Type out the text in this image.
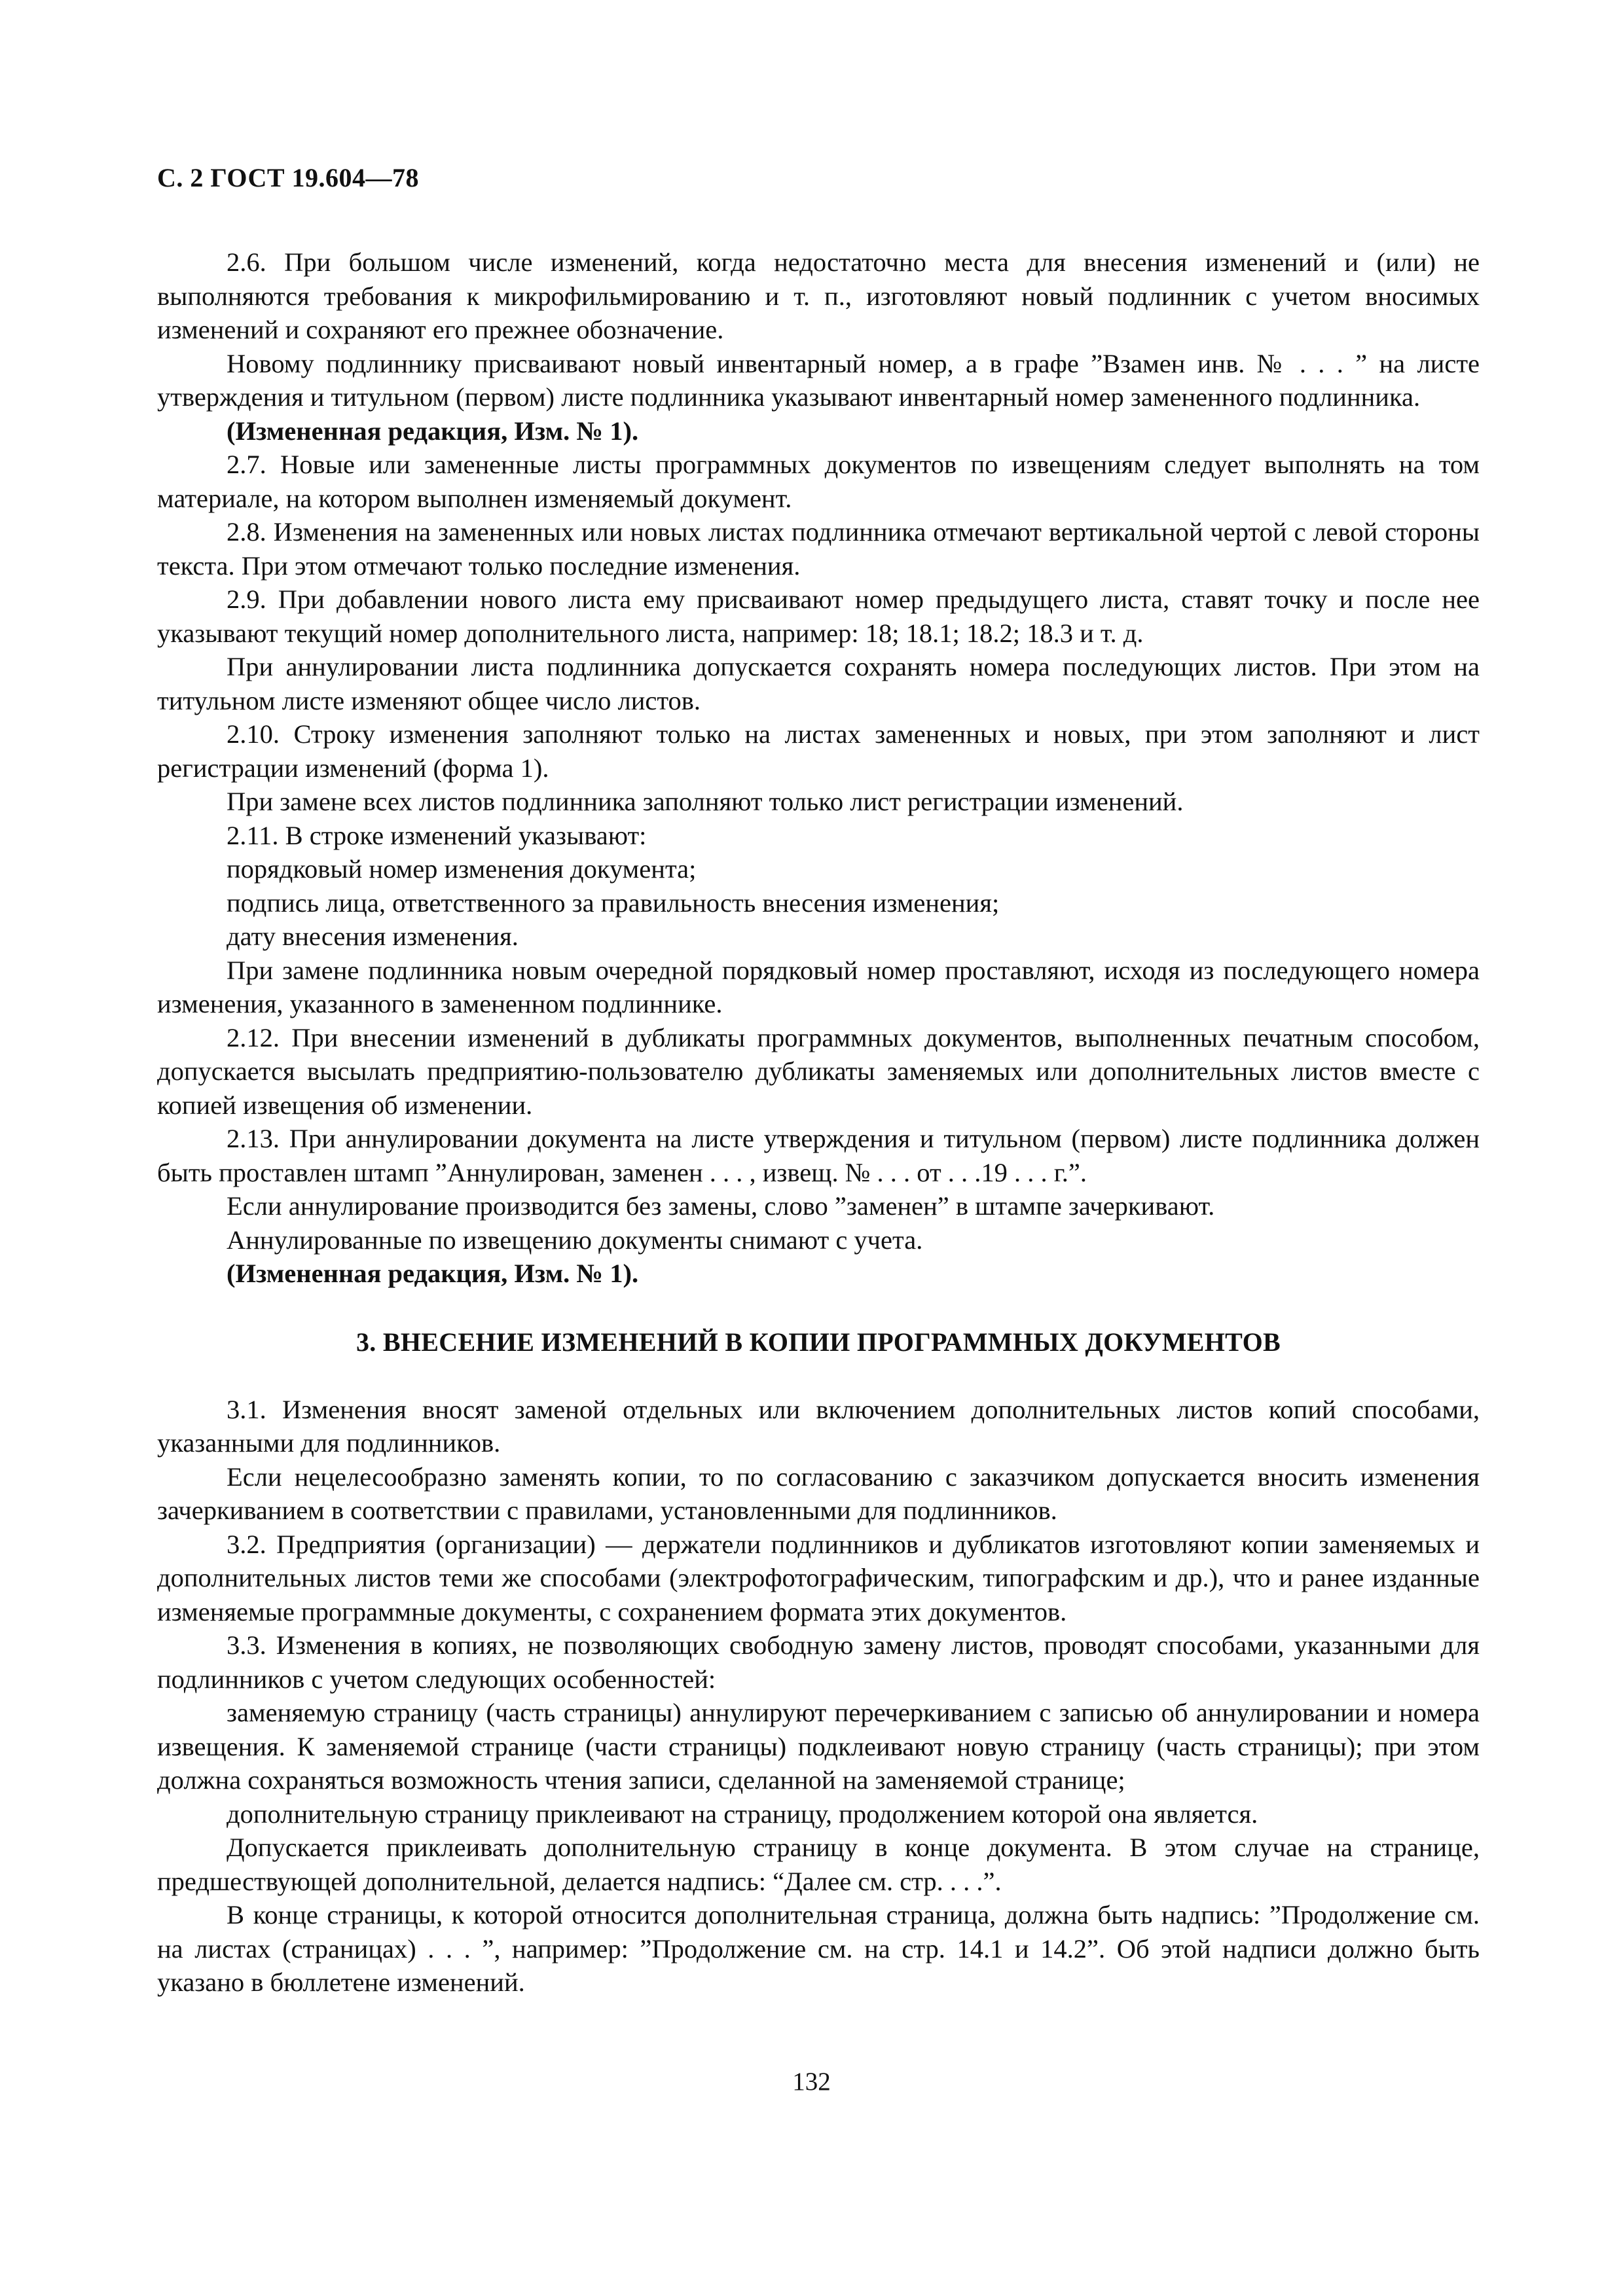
С. 2 ГОСТ 19.604—78

2.6. При большом числе изменений, когда недостаточно места для внесения изменений и (или) не выполняются требования к микрофильмированию и т. п., изготовляют новый подлинник с учетом вносимых изменений и сохраняют его прежнее обозначение.

Новому подлиннику присваивают новый инвентарный номер, а в графе ”Взамен инв. № . . . ” на листе утверждения и титульном (первом) листе подлинника указывают инвентарный номер замененного подлинника.

(Измененная редакция, Изм. № 1).

2.7. Новые или замененные листы программных документов по извещениям следует выполнять на том материале, на котором выполнен изменяемый документ.

2.8. Изменения на замененных или новых листах подлинника отмечают вертикальной чертой с левой стороны текста. При этом отмечают только последние изменения.

2.9. При добавлении нового листа ему присваивают номер предыдущего листа, ставят точку и после нее указывают текущий номер дополнительного листа, например: 18; 18.1; 18.2; 18.3 и т. д.

При аннулировании листа подлинника допускается сохранять номера последующих листов. При этом на титульном листе изменяют общее число листов.

2.10. Строку изменения заполняют только на листах замененных и новых, при этом заполняют и лист регистрации изменений (форма 1).

При замене всех листов подлинника заполняют только лист регистрации изменений.

2.11. В строке изменений указывают:

порядковый номер изменения документа;

подпись лица, ответственного за правильность внесения изменения;

дату внесения изменения.

При замене подлинника новым очередной порядковый номер проставляют, исходя из последующего номера изменения, указанного в замененном подлиннике.

2.12. При внесении изменений в дубликаты программных документов, выполненных печатным способом, допускается высылать предприятию-пользователю дубликаты заменяемых или дополнительных листов вместе с копией извещения об изменении.

2.13. При аннулировании документа на листе утверждения и титульном (первом) листе подлинника должен быть проставлен штамп ”Аннулирован, заменен . . . , извещ. № . . . от . . .19 . . . г.”.

Если аннулирование производится без замены, слово ”заменен” в штампе зачеркивают.

Аннулированные по извещению документы снимают с учета.

(Измененная редакция, Изм. № 1).

3. ВНЕСЕНИЕ ИЗМЕНЕНИЙ В КОПИИ ПРОГРАММНЫХ ДОКУМЕНТОВ

3.1. Изменения вносят заменой отдельных или включением дополнительных листов копий способами, указанными для подлинников.

Если нецелесообразно заменять копии, то по согласованию с заказчиком допускается вносить изменения зачеркиванием в соответствии с правилами, установленными для подлинников.

3.2. Предприятия (организации) — держатели подлинников и дубликатов изготовляют копии заменяемых и дополнительных листов теми же способами (электрофотографическим, типографским и др.), что и ранее изданные изменяемые программные документы, с сохранением формата этих документов.

3.3. Изменения в копиях, не позволяющих свободную замену листов, проводят способами, указанными для подлинников с учетом следующих особенностей:

заменяемую страницу (часть страницы) аннулируют перечеркиванием с записью об аннулировании и номера извещения. К заменяемой странице (части страницы) подклеивают новую страницу (часть страницы); при этом должна сохраняться возможность чтения записи, сделанной на заменяемой странице;

дополнительную страницу приклеивают на страницу, продолжением которой она является.

Допускается приклеивать дополнительную страницу в конце документа. В этом случае на странице, предшествующей дополнительной, делается надпись: “Далее см. стр. . . .”.

В конце страницы, к которой относится дополнительная страница, должна быть надпись: ”Продолжение см. на листах (страницах) . . . ”, например: ”Продолжение см. на стр. 14.1 и 14.2”. Об этой надписи должно быть указано в бюллетене изменений.

132
